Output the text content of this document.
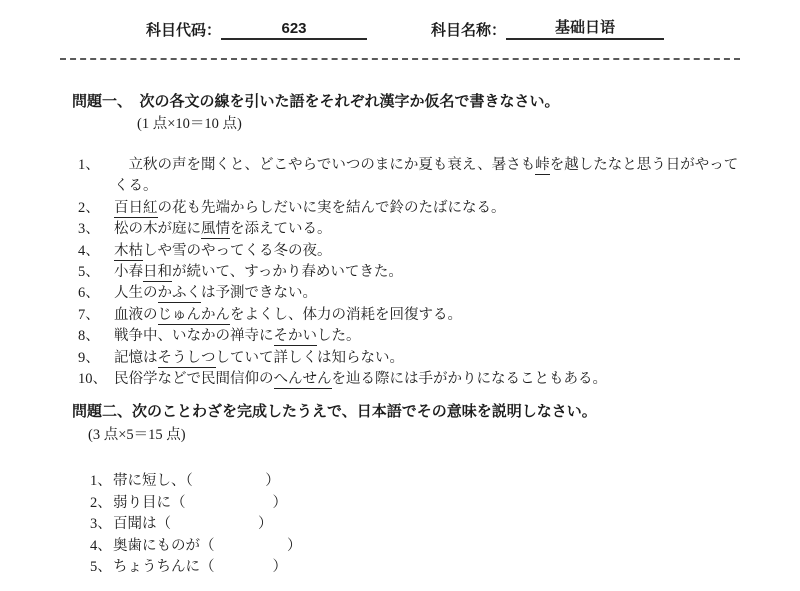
科目代码：	623	科目名称：	基础日语
問題一、　次の各文の線を引いた語をそれぞれ漢字か仮名で書きなさい。
(1 点×10＝10 点)
1、 　立秋の声を聞くと、どこやらでいつのまにか夏も衰え、暑さも峠を越したなと思う日がやって
くる。
2、 百日紅の花も先端からしだいに実を結んで鈴のたばになる。
3、 松の木が庭に風情を添えている。
4、 木枯しや雪のやってくる冬の夜。
5、 小春日和が続いて、すっかり春めいてきた。
6、 人生のかふくは予測できない。
7、 血液のじゅんかんをよくし、体力の消耗を回復する。
8、 戦争中、いなかの禅寺にそかいした。
9、 記憶はそうしつしていて詳しくは知らない。
10、 民俗学などで民間信仰のへんせんを辿る際には手がかりになることもある。
問題二、次のことわざを完成したうえで、日本語でその意味を説明しなさい。
(3 点×5＝15 点)
1、 帯に短し、（　　　　　）
2、 弱り目に（　　　　　　）
3、 百聞は（　　　　　　）
4、 奥歯にものが（　　　　　）
5、 ちょうちんに（　　　　）
